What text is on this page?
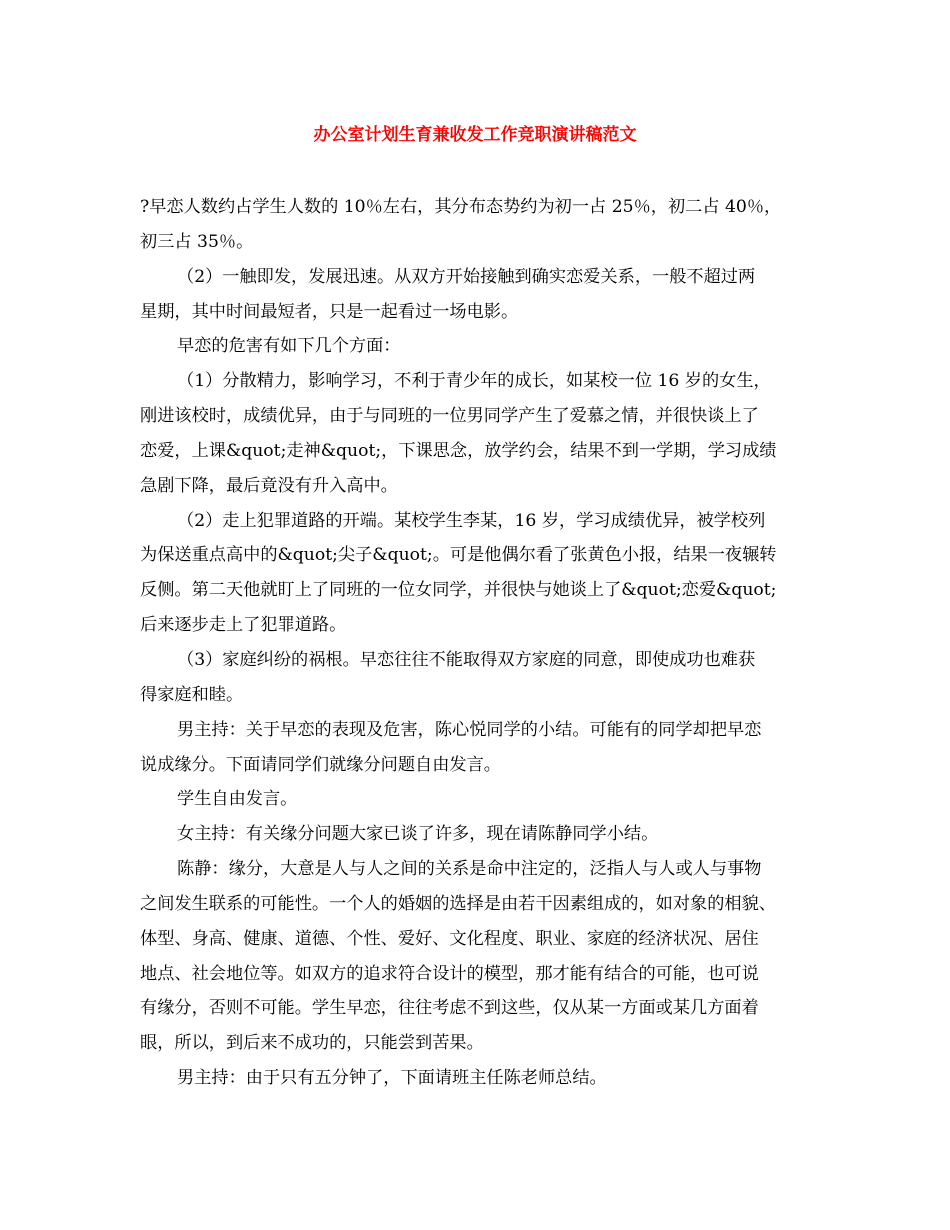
办公室计划生育兼收发工作竞职演讲稿范文

?早恋人数约占学生人数的 10％左右，其分布态势约为初一占 25％，初二占 40％，
初三占 35％。

（2）一触即发，发展迅速。从双方开始接触到确实恋爱关系，一般不超过两
星期，其中时间最短者，只是一起看过一场电影。

早恋的危害有如下几个方面：

（1）分散精力，影响学习，不利于青少年的成长，如某校一位 16 岁的女生，
刚进该校时，成绩优异，由于与同班的一位男同学产生了爱慕之情，并很快谈上了
恋爱，上课&quot;走神&quot;，下课思念，放学约会，结果不到一学期，学习成绩
急剧下降，最后竟没有升入高中。

（2）走上犯罪道路的开端。某校学生李某，16 岁，学习成绩优异，被学校列
为保送重点高中的&quot;尖子&quot;。可是他偶尔看了张黄色小报，结果一夜辗转
反侧。第二天他就盯上了同班的一位女同学，并很快与她谈上了&quot;恋爱&quot;
后来逐步走上了犯罪道路。

（3）家庭纠纷的祸根。早恋往往不能取得双方家庭的同意，即使成功也难获
得家庭和睦。

男主持：关于早恋的表现及危害，陈心悦同学的小结。可能有的同学却把早恋
说成缘分。下面请同学们就缘分问题自由发言。

学生自由发言。

女主持：有关缘分问题大家已谈了许多，现在请陈静同学小结。

陈静：缘分，大意是人与人之间的关系是命中注定的，泛指人与人或人与事物
之间发生联系的可能性。一个人的婚姻的选择是由若干因素组成的，如对象的相貌、
体型、身高、健康、道德、个性、爱好、文化程度、职业、家庭的经济状况、居住
地点、社会地位等。如双方的追求符合设计的模型，那才能有结合的可能，也可说
有缘分，否则不可能。学生早恋，往往考虑不到这些，仅从某一方面或某几方面着
眼，所以，到后来不成功的，只能尝到苦果。

男主持：由于只有五分钟了，下面请班主任陈老师总结。
